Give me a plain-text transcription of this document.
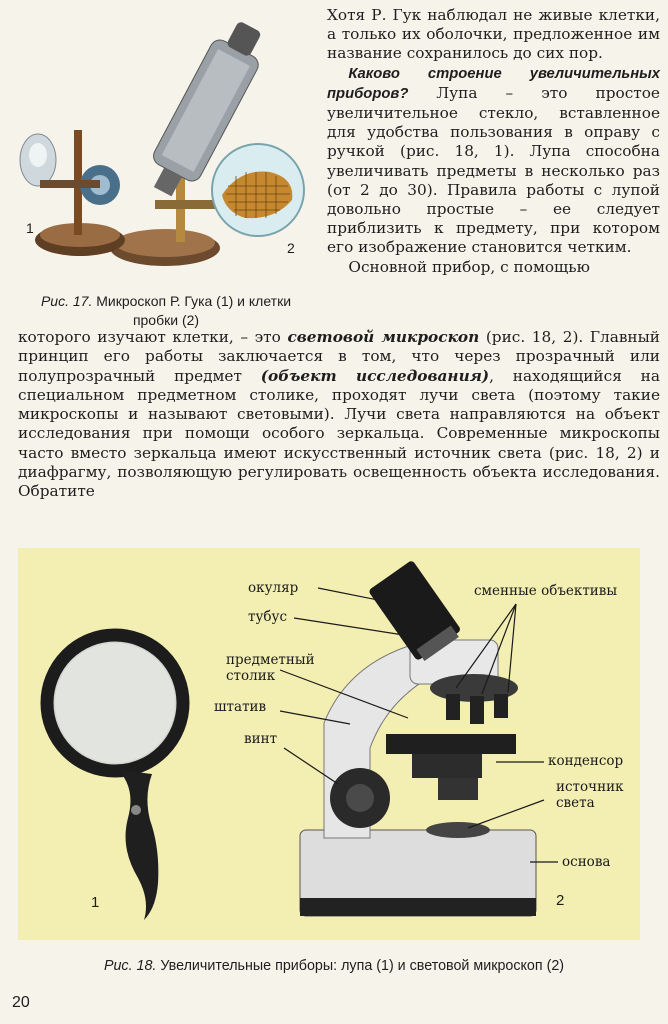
1
2
Рис. 17. Микроскоп Р. Гука (1) и клетки
пробки (2)

Хотя Р. Гук наблюдал не живые клетки, а только их оболочки, предложенное им название сохранилось до сих пор.

Каково строение увеличительных приборов? Лупа – это простое увеличительное стекло, вставленное для удобства пользования в оправу с ручкой (рис. 18, 1). Лупа способна увеличивать предметы в несколько раз (от 2 до 30). Правила работы с лупой довольно простые – ее следует приблизить к предмету, при котором его изображение становится четким.

Основной прибор, с помощью

которого изучают клетки, – это световой микроскоп (рис. 18, 2). Главный принцип его работы заключается в том, что через прозрачный или полупрозрачный предмет (объект исследования), находящийся на специальном предметном столике, проходят лучи света (поэтому такие микроскопы и называют световыми). Лучи света направляются на объект исследования при помощи особого зеркальца. Современные микроскопы часто вместо зеркальца имеют искусственный источник света (рис. 18, 2) и диафрагму, позволяющую регулировать освещенность объекта исследования. Обратите
окуляр
тубус
предметный
столик
штатив
винт
сменные объективы
конденсор
источник
света
основа
1	2
Рис. 18. Увеличительные приборы: лупа (1) и световой микроскоп (2)
20
